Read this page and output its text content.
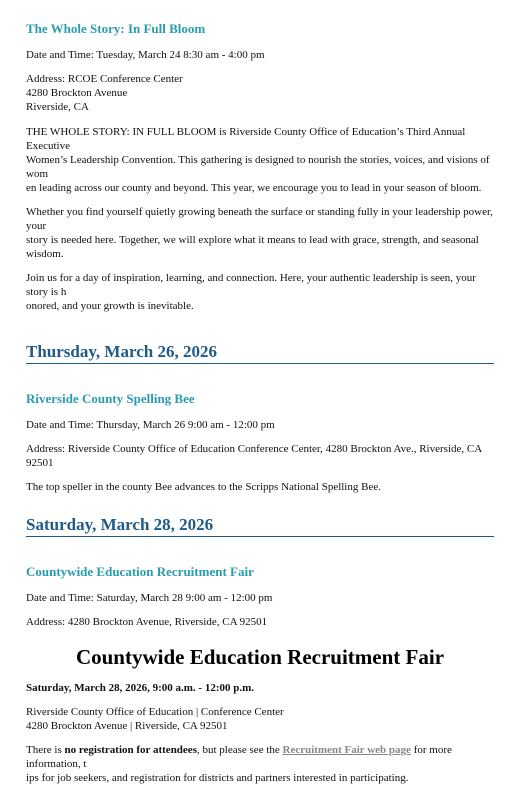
The Whole Story: In Full Bloom

Date and Time: Tuesday, March 24 8:30 am - 4:00 pm

Address: RCOE Conference Center

4280 Brockton Avenue

Riverside, CA

THE WHOLE STORY: IN FULL BLOOM is Riverside County Office of Education’s Third Annual Executive

Women’s Leadership Convention. This gathering is designed to nourish the stories, voices, and visions of wom

en leading across our county and beyond. This year, we encourage you to lead in your season of bloom.

Whether you find yourself quietly growing beneath the surface or standing fully in your leadership power, your

story is needed here. Together, we will explore what it means to lead with grace, strength, and seasonal wisdom.

Join us for a day of inspiration, learning, and connection. Here, your authentic leadership is seen, your story is h

onored, and your growth is inevitable.

Thursday, March 26, 2026
Riverside County Spelling Bee

Date and Time: Thursday, March 26 9:00 am - 12:00 pm

Address: Riverside County Office of Education Conference Center, 4280 Brockton Ave., Riverside, CA 92501

The top speller in the county Bee advances to the Scripps National Spelling Bee.

Saturday, March 28, 2026
Countywide Education Recruitment Fair

Date and Time: Saturday, March 28 9:00 am - 12:00 pm

Address: 4280 Brockton Avenue, Riverside, CA 92501

Countywide Education Recruitment Fair

Saturday, March 28, 2026, 9:00 a.m. - 12:00 p.m.

Riverside County Office of Education | Conference Center

4280 Brockton Avenue | Riverside, CA 92501

There is no registration for attendees, but please see the Recruitment Fair web page for more information, t

ips for job seekers, and registration for districts and partners interested in participating.
